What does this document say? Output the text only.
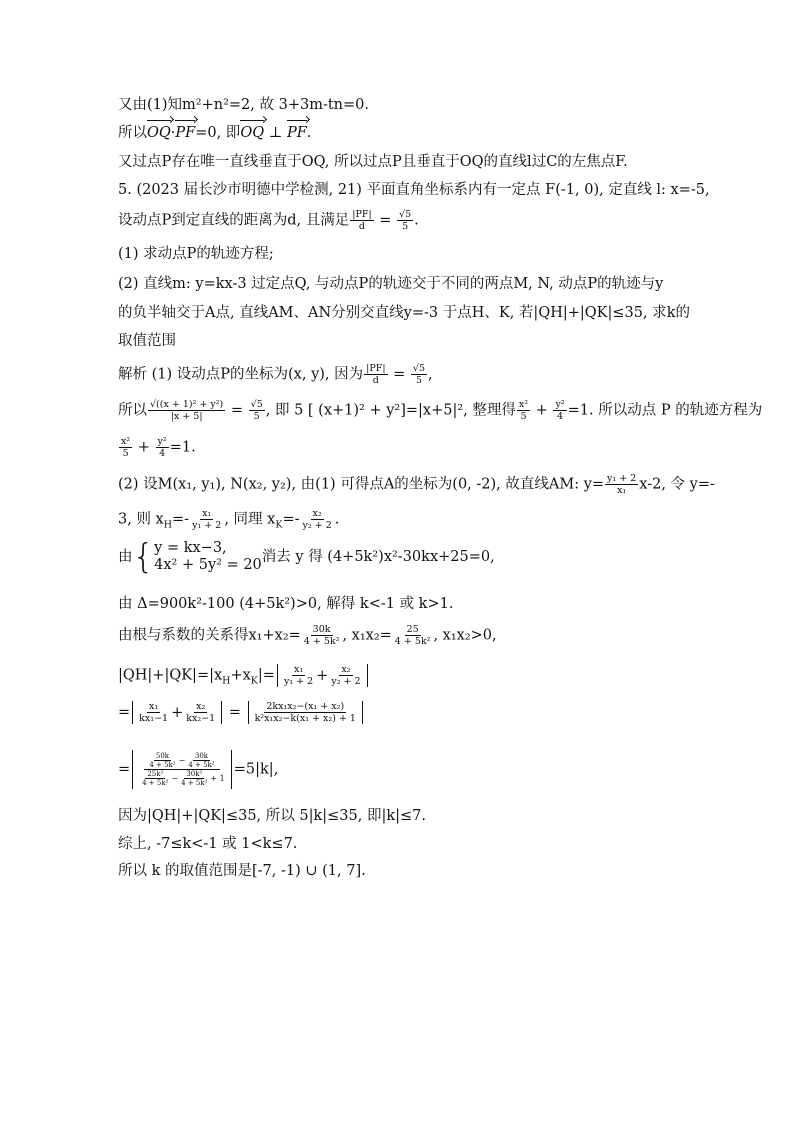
又由(1)知m²+n²=2, 故 3+3m-tn=0.
所以OQ·PF=0, 即OQ ⊥ PF.
又过点P存在唯一直线垂直于OQ, 所以过点P且垂直于OQ的直线l过C的左焦点F.
5. (2023 届长沙市明德中学检测, 21) 平面直角坐标系内有一定点 F(-1, 0), 定直线 l: x=-5,
设动点P到定直线的距离为d, 且满足 $\frac{|PF|}{d} = \frac{√5}{5}$ .
(1) 求动点P的轨迹方程;
(2) 直线m: y=kx-3 过定点Q, 与动点P的轨迹交于不同的两点M, N, 动点P的轨迹与y
的负半轴交于A点, 直线AM、AN分别交直线y=-3 于点H、K, 若|QH|+|QK|≤35, 求k的
取值范围
解析 (1) 设动点P的坐标为(x, y), 因为 $\frac{|PF|}{d} = \frac{√5}{5}$ ,
所以 $\frac{\text{√((x + 1)² + y²)}}{|x + 5|} = \frac{√5}{5}$ , 即 5 [ (x+1)² + y²]=|x+5|², 整理得 $\frac{\text{x²}}{5} + \frac{\text{y²}}{4} =1$. 所以动点 P 的轨迹方程为
$\frac{\text{x²}}{5} + \frac{\text{y²}}{4} =1$.
(2) 设M(x₁, y₁), N(x₂, y₂), 由(1) 可得点A的坐标为(0, -2), 故直线AM: $y= \frac{\text{y₁ + 2}}{\text{x₁}} x-2$, 令 y=-
3, 则 $x_H=- \frac{\text{x₁}}{\text{y₁ + 2}}$ , 同理 $x_K=- \frac{\text{x₂}}{\text{y₂ + 2}}$ .
由 { y = kx−3,
4x² + 5y² = 20 消去 y 得 (4+5k²)x²-30kx+25=0,
由 Δ=900k²-100 (4+5k²)>0, 解得 k<-1 或 k>1.
由根与系数的关系得$x_1+x_2= \frac{30k}{\text{4 + 5k²}}$ , $x_1x_2= \frac{25}{\text{4 + 5k²}}$ , x₁x₂>0,
$|QH|+|QK|=|x_H+x_K|= \frac{\text{x₁}}{\text{y₁ + 2}} + \frac{\text{x₂}}{\text{y₂ + 2}}$
= $\frac{\text{x₁}}{\text{kx₁−1}} + \frac{\text{x₂}}{\text{kx₂−1}} = \frac{\text{2kx₁x₂−(x₁ + x₂)}}{\text{k²x₁x₂−k(x₁ + x₂) + 1}}$
= $\frac{\frac{50k}{\text{4 + 5k²}} - \frac{30k}{\text{4 + 5k²}}}{\frac{\text{25k²}}{\text{4 + 5k²}} - \frac{\text{30k²}}{\text{4 + 5k²}} + 1} =5|k|$,
因为|QH|+|QK|≤35, 所以 5|k|≤35, 即|k|≤7.
综上, -7≤k<-1 或 1<k≤7.
所以 k 的取值范围是[-7, -1) ∪ (1, 7].
